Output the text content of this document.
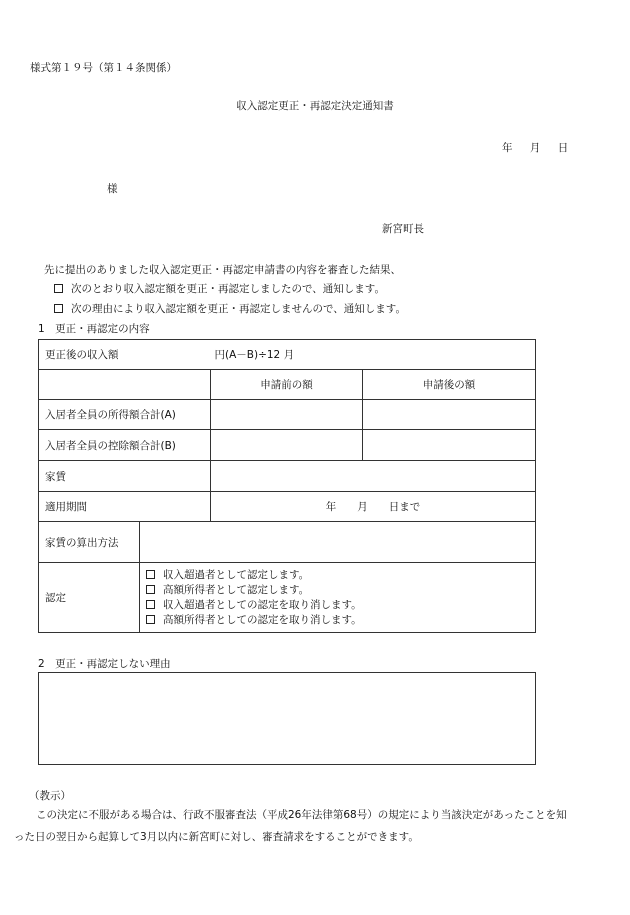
様式第１９号（第１４条関係）
収入認定更正・再認定決定通知書
年 月 日
様
新宮町長
先に提出のありました収入認定更正・再認定申請書の内容を審査した結果、
次のとおり収入認定額を更正・再認定しましたので、通知します。
次の理由により収入認定額を更正・再認定しませんので、通知します。
1　更正・再認定の内容
更正後の収入額 円(A－B)÷12 月			

		申請前の額	申請後の額
入居者全員の所得額合計(A)			
入居者全員の控除額合計(B)			
家賃			
適用期間		年　　月　　日まで	
家賃の算出方法			
認定	収入超過者として認定します。
高額所得者として認定します。
収入超過者としての認定を取り消します。
高額所得者としての認定を取り消します。		
2　更正・再認定しない理由
（教示）
この決定に不服がある場合は、行政不服審査法（平成26年法律第68号）の規定により当該決定があったことを知
った日の翌日から起算して3月以内に新宮町に対し、審査請求をすることができます。
